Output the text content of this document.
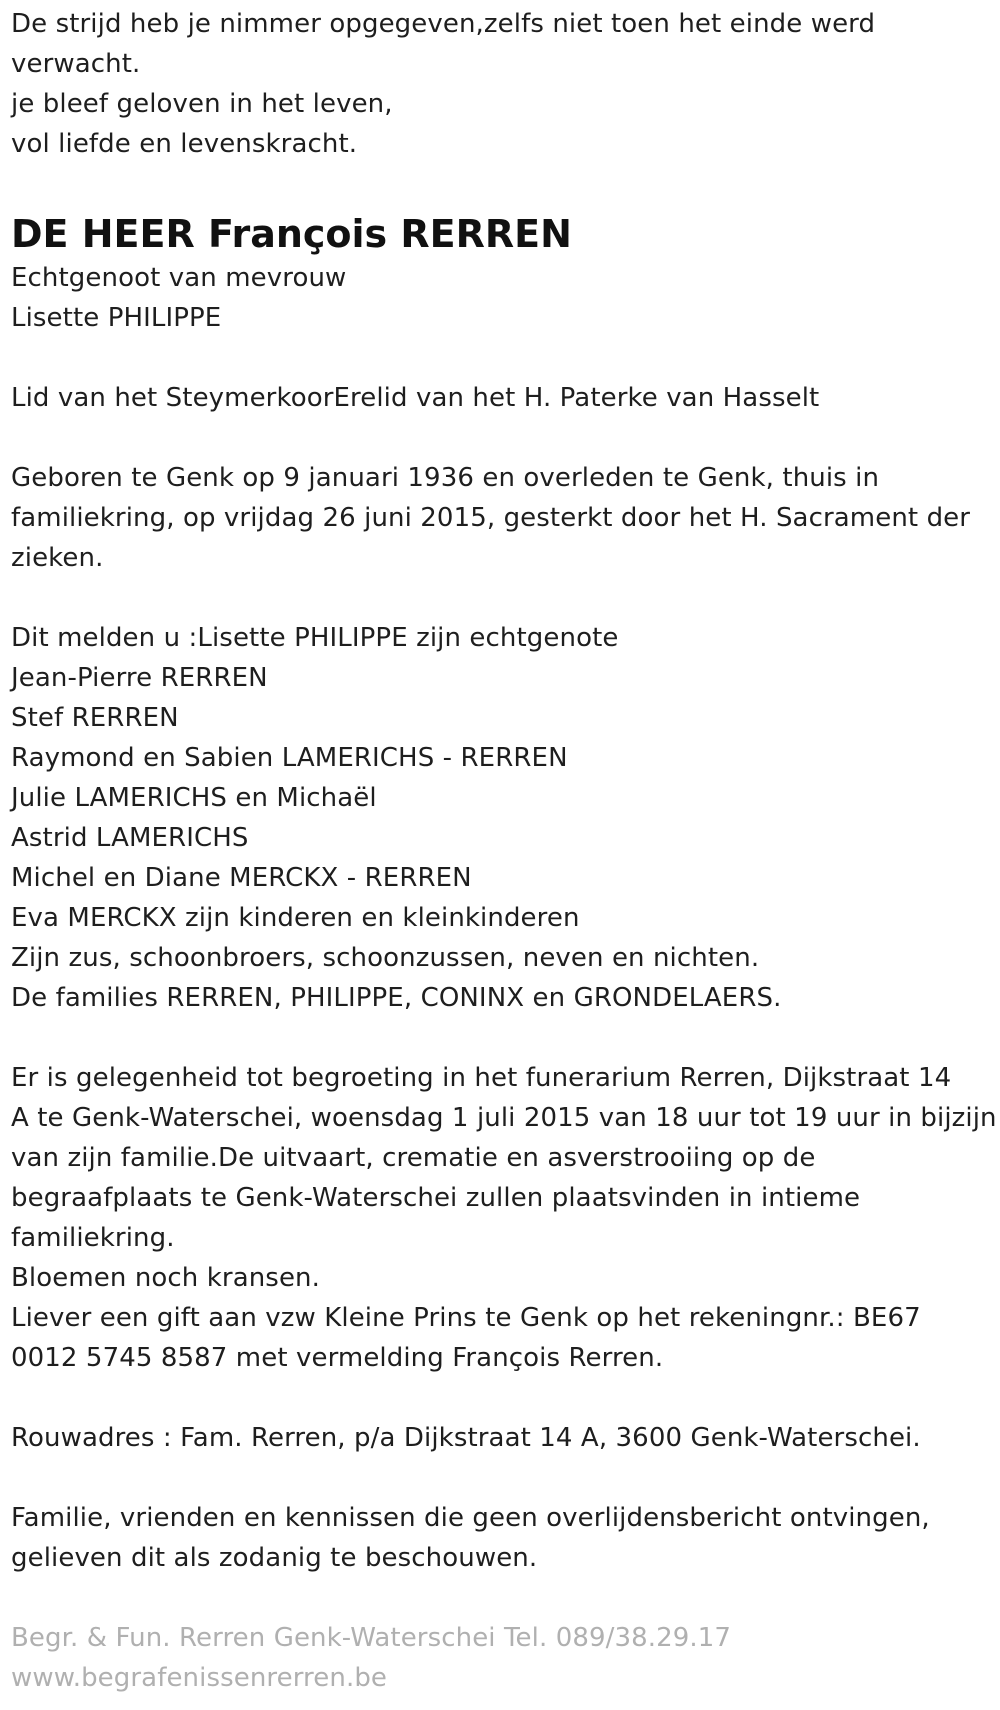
De strijd heb je nimmer opgegeven,zelfs niet toen het einde werd
verwacht.
je bleef geloven in het leven,
vol liefde en levenskracht.
DE HEER François RERREN
Echtgenoot van mevrouw
Lisette PHILIPPE
Lid van het SteymerkoorErelid van het H. Paterke van Hasselt
Geboren te Genk op 9 januari 1936 en overleden te Genk, thuis in
familiekring, op vrijdag 26 juni 2015, gesterkt door het H. Sacrament der
zieken.
Dit melden u :Lisette PHILIPPE zijn echtgenote
Jean-Pierre RERREN
Stef RERREN
Raymond en Sabien LAMERICHS - RERREN
Julie LAMERICHS en Michaël
Astrid LAMERICHS
Michel en Diane MERCKX - RERREN
Eva MERCKX zijn kinderen en kleinkinderen
Zijn zus, schoonbroers, schoonzussen, neven en nichten.
De families RERREN, PHILIPPE, CONINX en GRONDELAERS.
Er is gelegenheid tot begroeting in het funerarium Rerren, Dijkstraat 14
A te Genk-Waterschei, woensdag 1 juli 2015 van 18 uur tot 19 uur in bijzijn
van zijn familie.De uitvaart, crematie en asverstrooiing op de
begraafplaats te Genk-Waterschei zullen plaatsvinden in intieme
familiekring.
Bloemen noch kransen.
Liever een gift aan vzw Kleine Prins te Genk op het rekeningnr.: BE67
0012 5745 8587 met vermelding François Rerren.
Rouwadres : Fam. Rerren, p/a Dijkstraat 14 A, 3600 Genk-Waterschei.
Familie, vrienden en kennissen die geen overlijdensbericht ontvingen,
gelieven dit als zodanig te beschouwen.
Begr. & Fun. Rerren Genk-Waterschei Tel. 089/38.29.17
www.begrafenissenrerren.be
